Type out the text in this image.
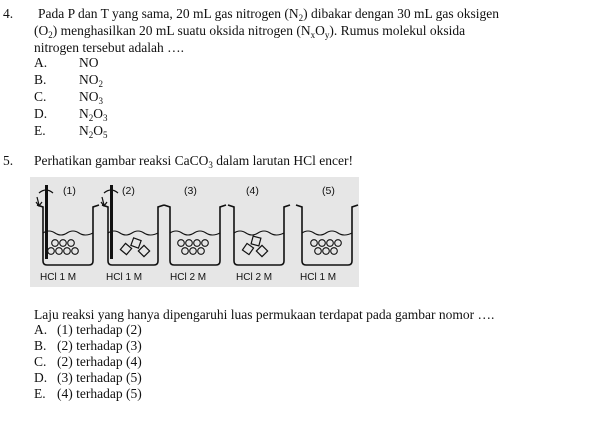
4. Pada P dan T yang sama, 20 mL gas nitrogen $(N_2)$ dibakar dengan 30 mL gas oksigen
$(O_2)$ menghasilkan 20 mL suatu oksida nitrogen $(N_xO_y)$. Rumus molekul oksida
nitrogen tersebut adalah ….
A. NO
B. $NO_2$
C. $NO_3$
D. $N_2O_3$
E. $N_2O_5$
5. Perhatikan gambar reaksi CaCO$_3$ dalam larutan HCl encer!
(1)
HCl 1 M
(2)
HCl 1 M
(3)
HCl 2 M
(4)
HCl 2 M
(5)
HCl 1 M
Laju reaksi yang hanya dipengaruhi luas permukaan terdapat pada gambar nomor ….
A. (1) terhadap (2)
B. (2) terhadap (3)
C. (2) terhadap (4)
D. (3) terhadap (5)
E. (4) terhadap (5)
